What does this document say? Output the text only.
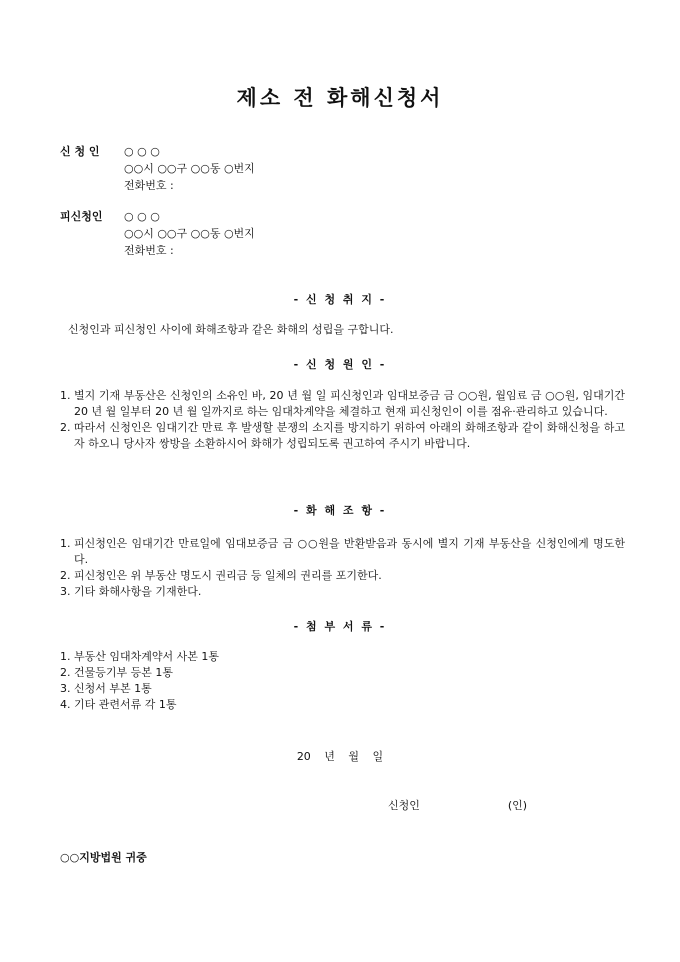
제소 전 화해신청서
신 청 인	○ ○ ○
○○시 ○○구 ○○동 ○번지
전화번호 :
피신청인	○ ○ ○
○○시 ○○구 ○○동 ○번지
전화번호 :
- 신 청 취 지 -
신청인과 피신청인 사이에 화해조항과 같은 화해의 성립을 구합니다.
- 신 청 원 인 -
1. 별지 기재 부동산은 신청인의 소유인 바, 20 년 월 일 피신청인과 임대보증금 금 ○○원, 월임료 금 ○○원, 임대기간 20 년 월 일부터 20 년 월 일까지로 하는 임대차계약을 체결하고 현재 피신청인이 이를 점유·관리하고 있습니다.
2. 따라서 신청인은 임대기간 만료 후 발생할 분쟁의 소지를 방지하기 위하여 아래의 화해조항과 같이 화해신청을 하고자 하오니 당사자 쌍방을 소환하시어 화해가 성립되도록 권고하여 주시기 바랍니다.
- 화 해 조 항 -
1. 피신청인은 임대기간 만료일에 임대보증금 금 ○○원을 반환받음과 동시에 별지 기재 부동산을 신청인에게 명도한다.
2. 피신청인은 위 부동산 명도시 권리금 등 일체의 권리를 포기한다.
3. 기타 화해사항을 기재한다.
- 첨 부 서 류 -
1. 부동산 임대차계약서 사본 1통
2. 건물등기부 등본 1통
3. 신청서 부본 1통
4. 기타 관련서류 각 1통
20 년 월 일
신청인	(인)
○○지방법원 귀중
